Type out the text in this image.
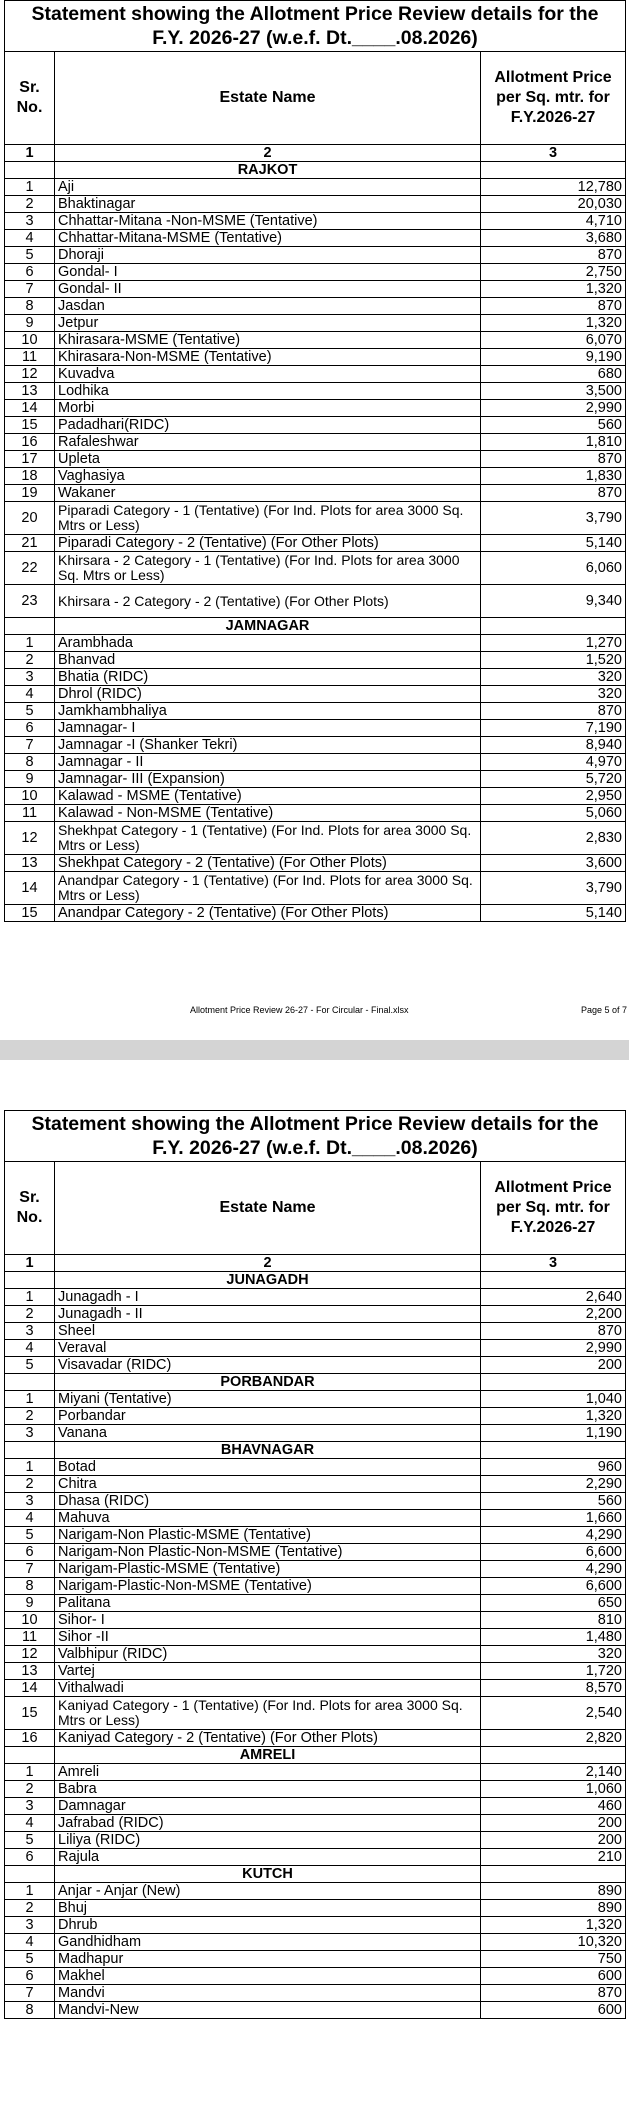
Statement showing the Allotment Price Review details for the F.Y. 2026-27 (w.e.f. Dt.____.08.2026)		
Sr. No.	Estate Name	Allotment Price per Sq. mtr. for F.Y.2026-27
1	2	3
	RAJKOT	
1	Aji	12,780
2	Bhaktinagar	20,030
3	Chhattar-Mitana -Non-MSME (Tentative)	4,710
4	Chhattar-Mitana-MSME (Tentative)	3,680
5	Dhoraji	870
6	Gondal- I	2,750
7	Gondal- II	1,320
8	Jasdan	870
9	Jetpur	1,320
10	Khirasara-MSME (Tentative)	6,070
11	Khirasara-Non-MSME (Tentative)	9,190
12	Kuvadva	680
13	Lodhika	3,500
14	Morbi	2,990
15	Padadhari(RIDC)	560
16	Rafaleshwar	1,810
17	Upleta	870
18	Vaghasiya	1,830
19	Wakaner	870
20	Piparadi Category - 1 (Tentative) (For Ind. Plots for area 3000 Sq. Mtrs or Less)	3,790
21	Piparadi Category - 2 (Tentative) (For Other Plots)	5,140
22	Khirsara - 2 Category - 1 (Tentative) (For Ind. Plots for area 3000 Sq. Mtrs or Less)	6,060
23	Khirsara - 2 Category - 2 (Tentative) (For Other Plots)	9,340
	JAMNAGAR	
1	Arambhada	1,270
2	Bhanvad	1,520
3	Bhatia (RIDC)	320
4	Dhrol (RIDC)	320
5	Jamkhambhaliya	870
6	Jamnagar- I	7,190
7	Jamnagar -I (Shanker Tekri)	8,940
8	Jamnagar - II	4,970
9	Jamnagar- III (Expansion)	5,720
10	Kalawad - MSME (Tentative)	2,950
11	Kalawad - Non-MSME (Tentative)	5,060
12	Shekhpat Category - 1 (Tentative) (For Ind. Plots for area 3000 Sq. Mtrs or Less)	2,830
13	Shekhpat Category - 2 (Tentative) (For Other Plots)	3,600
14	Anandpar Category - 1 (Tentative) (For Ind. Plots for area 3000 Sq. Mtrs or Less)	3,790
15	Anandpar Category - 2 (Tentative) (For Other Plots)	5,140
Allotment Price Review 26-27 - For Circular - Final.xlsx	Page 5 of 7
Statement showing the Allotment Price Review details for the F.Y. 2026-27 (w.e.f. Dt.____.08.2026)		
Sr. No.	Estate Name	Allotment Price per Sq. mtr. for F.Y.2026-27
1	2	3
	JUNAGADH	
1	Junagadh - I	2,640
2	Junagadh - II	2,200
3	Sheel	870
4	Veraval	2,990
5	Visavadar (RIDC)	200
	PORBANDAR	
1	Miyani (Tentative)	1,040
2	Porbandar	1,320
3	Vanana	1,190
	BHAVNAGAR	
1	Botad	960
2	Chitra	2,290
3	Dhasa (RIDC)	560
4	Mahuva	1,660
5	Narigam-Non Plastic-MSME (Tentative)	4,290
6	Narigam-Non Plastic-Non-MSME (Tentative)	6,600
7	Narigam-Plastic-MSME (Tentative)	4,290
8	Narigam-Plastic-Non-MSME (Tentative)	6,600
9	Palitana	650
10	Sihor- I	810
11	Sihor -II	1,480
12	Valbhipur (RIDC)	320
13	Vartej	1,720
14	Vithalwadi	8,570
15	Kaniyad Category - 1 (Tentative) (For Ind. Plots for area 3000 Sq. Mtrs or Less)	2,540
16	Kaniyad Category - 2 (Tentative) (For Other Plots)	2,820
	AMRELI	
1	Amreli	2,140
2	Babra	1,060
3	Damnagar	460
4	Jafrabad (RIDC)	200
5	Liliya (RIDC)	200
6	Rajula	210
	KUTCH	
1	Anjar - Anjar (New)	890
2	Bhuj	890
3	Dhrub	1,320
4	Gandhidham	10,320
5	Madhapur	750
6	Makhel	600
7	Mandvi	870
8	Mandvi-New	600
